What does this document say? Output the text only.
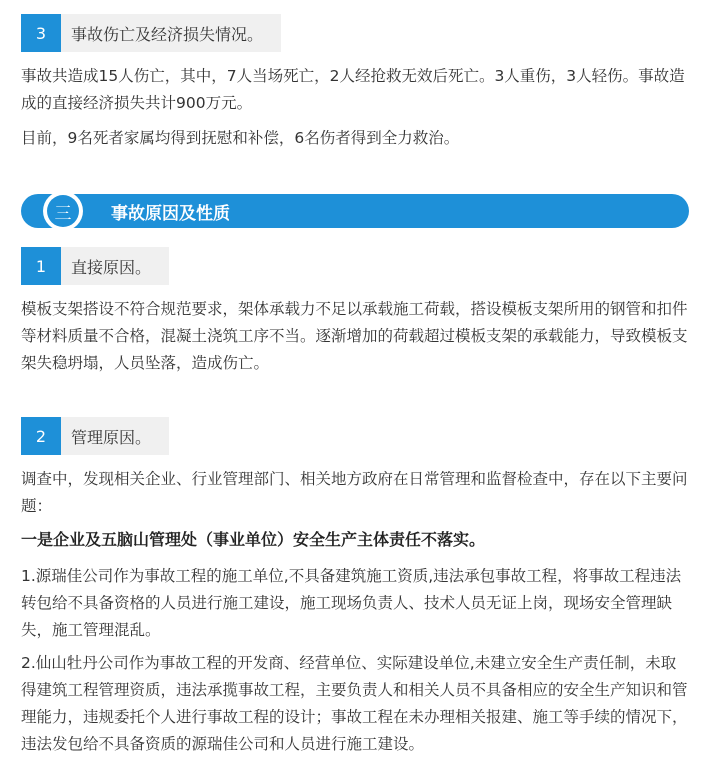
3	事故伤亡及经济损失情况。

事故共造成15人伤亡，其中，7人当场死亡，2人经抢救无效后死亡。3人重伤，3人轻伤。事故造成的直接经济损失共计900万元。

目前，9名死者家属均得到抚慰和补偿，6名伤者得到全力救治。

三	事故原因及性质
1	直接原因。

模板支架搭设不符合规范要求，架体承载力不足以承载施工荷载，搭设模板支架所用的钢管和扣件等材料质量不合格，混凝土浇筑工序不当。逐渐增加的荷载超过模板支架的承载能力，导致模板支架失稳坍塌，人员坠落，造成伤亡。

2	管理原因。

调查中，发现相关企业、行业管理部门、相关地方政府在日常管理和监督检查中，存在以下主要问题：

一是企业及五脑山管理处（事业单位）安全生产主体责任不落实。

1.源瑞佳公司作为事故工程的施工单位,不具备建筑施工资质,违法承包事故工程，将事故工程违法转包给不具备资格的人员进行施工建设，施工现场负责人、技术人员无证上岗，现场安全管理缺失，施工管理混乱。

2.仙山牡丹公司作为事故工程的开发商、经营单位、实际建设单位,未建立安全生产责任制，未取得建筑工程管理资质，违法承揽事故工程，主要负责人和相关人员不具备相应的安全生产知识和管理能力，违规委托个人进行事故工程的设计；事故工程在未办理相关报建、施工等手续的情况下，违法发包给不具备资质的源瑞佳公司和人员进行施工建设。
